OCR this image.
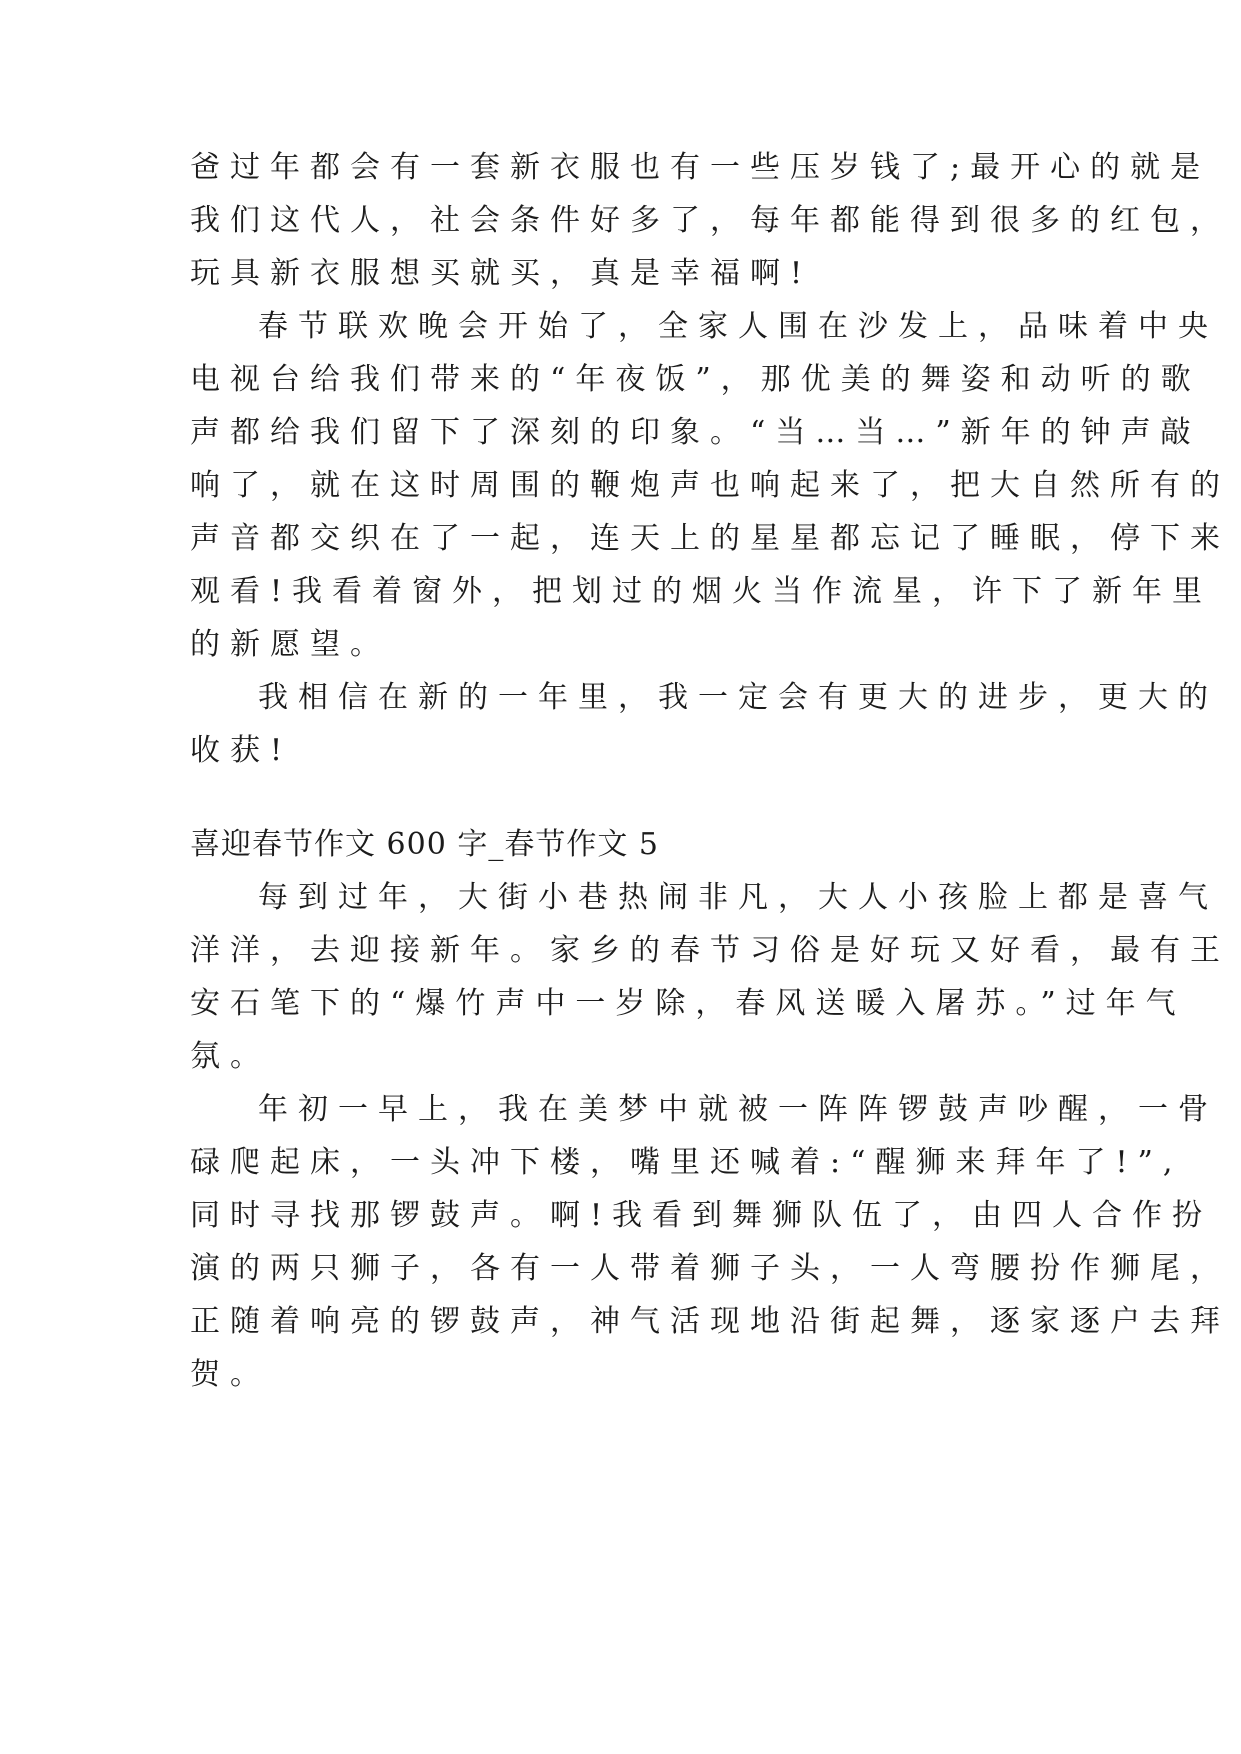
爸过年都会有一套新衣服也有一些压岁钱了;最开心的就是
我们这代人，社会条件好多了，每年都能得到很多的红包，
玩具新衣服想买就买，真是幸福啊!
春节联欢晚会开始了，全家人围在沙发上，品味着中央
电视台给我们带来的“年夜饭”，那优美的舞姿和动听的歌
声都给我们留下了深刻的印象。“当…当…”新年的钟声敲
响了，就在这时周围的鞭炮声也响起来了，把大自然所有的
声音都交织在了一起，连天上的星星都忘记了睡眠，停下来
观看!我看着窗外，把划过的烟火当作流星，许下了新年里
的新愿望。
我相信在新的一年里，我一定会有更大的进步，更大的
收获!
喜迎春节作文 600 字_春节作文 5
每到过年，大街小巷热闹非凡，大人小孩脸上都是喜气
洋洋，去迎接新年。家乡的春节习俗是好玩又好看，最有王
安石笔下的“爆竹声中一岁除，春风送暖入屠苏。”过年气
氛。
年初一早上，我在美梦中就被一阵阵锣鼓声吵醒，一骨
碌爬起床，一头冲下楼，嘴里还喊着:“醒狮来拜年了!”,
同时寻找那锣鼓声。啊!我看到舞狮队伍了，由四人合作扮
演的两只狮子，各有一人带着狮子头，一人弯腰扮作狮尾，
正随着响亮的锣鼓声，神气活现地沿街起舞，逐家逐户去拜
贺。
